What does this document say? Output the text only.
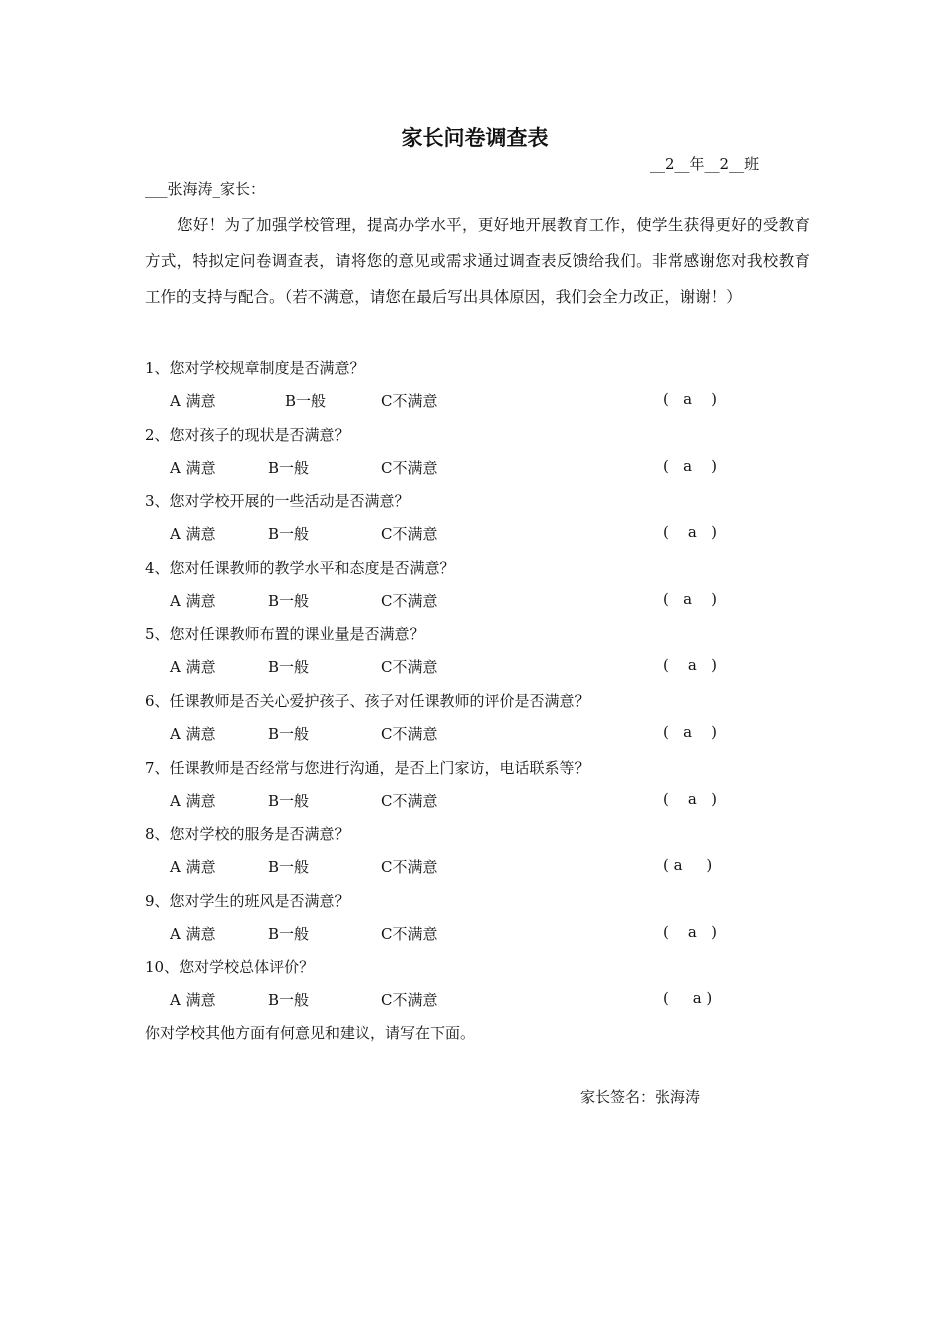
家长问卷调查表
__2__年__2__班
___张海涛_家长：
您好！为了加强学校管理，提高办学水平，更好地开展教育工作，使学生获得更好的受教育方式，特拟定问卷调查表，请将您的意见或需求通过调查表反馈给我们。非常感谢您对我校教育工作的支持与配合。（若不满意，请您在最后写出具体原因，我们会全力改正，谢谢！）
1、您对学校规章制度是否满意？
A 满意	B一般	C不满意	(   a    )
2、您对孩子的现状是否满意？
A 满意	B一般	C不满意	(   a    )
3、您对学校开展的一些活动是否满意？
A 满意	B一般	C不满意	(    a   )
4、您对任课教师的教学水平和态度是否满意？
A 满意	B一般	C不满意	(   a    )
5、您对任课教师布置的课业量是否满意？
A 满意	B一般	C不满意	(    a   )
6、任课教师是否关心爱护孩子、孩子对任课教师的评价是否满意？
A 满意	B一般	C不满意	(   a    )
7、任课教师是否经常与您进行沟通，是否上门家访，电话联系等？
A 满意	B一般	C不满意	(    a   )
8、您对学校的服务是否满意？
A 满意	B一般	C不满意	( a     )
9、您对学生的班风是否满意？
A 满意	B一般	C不满意	(    a   )
10、您对学校总体评价？
A 满意	B一般	C不满意	(     a )
你对学校其他方面有何意见和建议，请写在下面。
家长签名：张海涛
